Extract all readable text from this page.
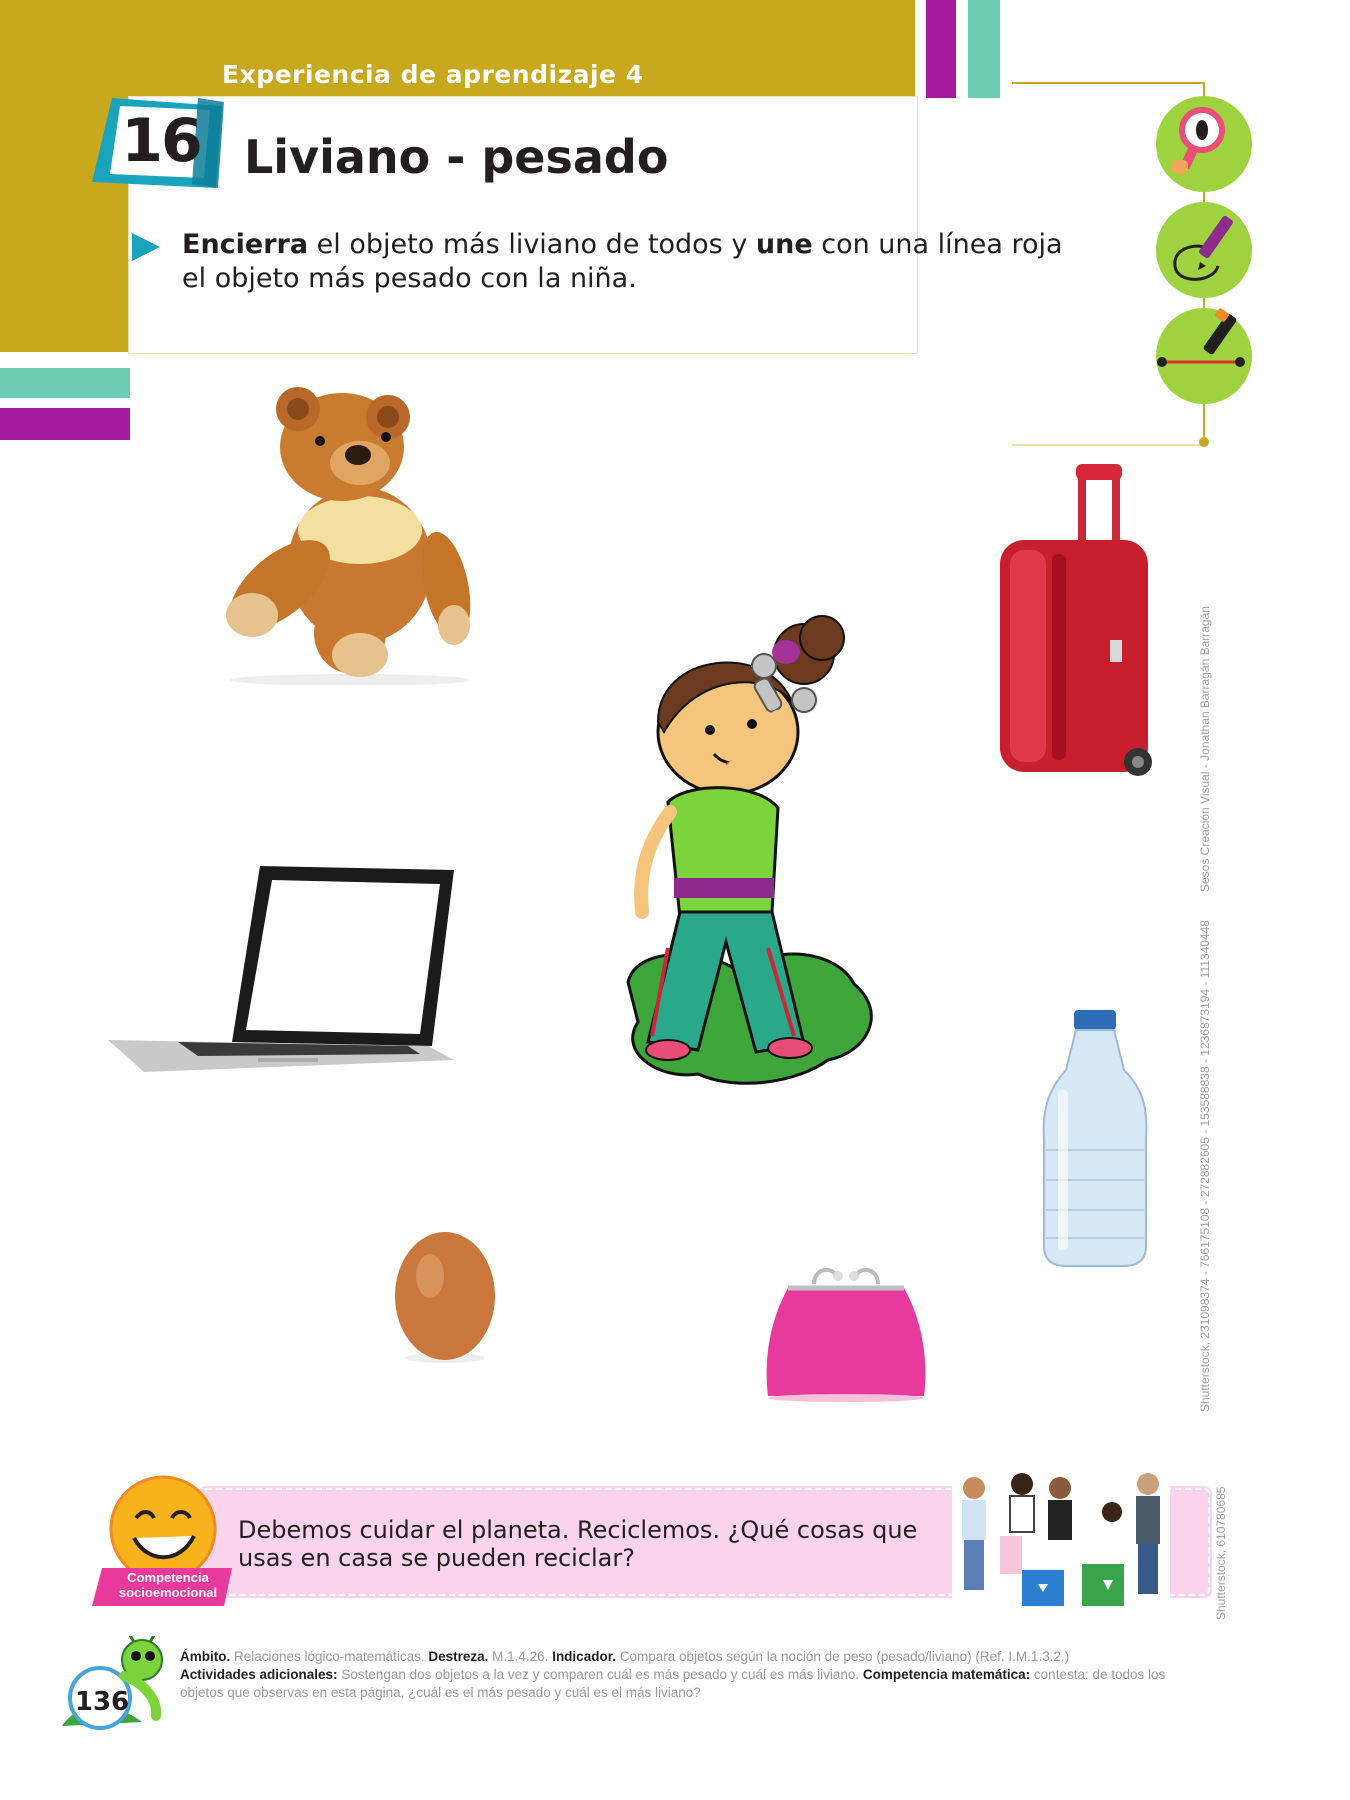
Experiencia de aprendizaje 4
16 Liviano - pesado
Encierra el objeto más liviano de todos y une con una línea roja el objeto más pesado con la niña.
Sesos Creación Visual - Jonathan Barragán Barragán
Shutterstock, 231098374 - 766175108 - 272882605 - 153588838 - 1236873194 - 111340448
Shutterstock, 610780685
Competencia
socioemocional
Debemos cuidar el planeta. Reciclemos. ¿Qué cosas que usas en casa se pueden reciclar?
136
Ámbito. Relaciones lógico-matemáticas. Destreza. M.1.4.26. Indicador. Compara objetos según la noción de peso (pesado/liviano) (Ref. I.M.1.3.2.)
Actividades adicionales: Sostengan dos objetos a la vez y comparen cuál es más pesado y cuál es más liviano. Competencia matemática: contesta: de todos los objetos que observas en esta página, ¿cuál es el más pesado y cuál es el más liviano?
